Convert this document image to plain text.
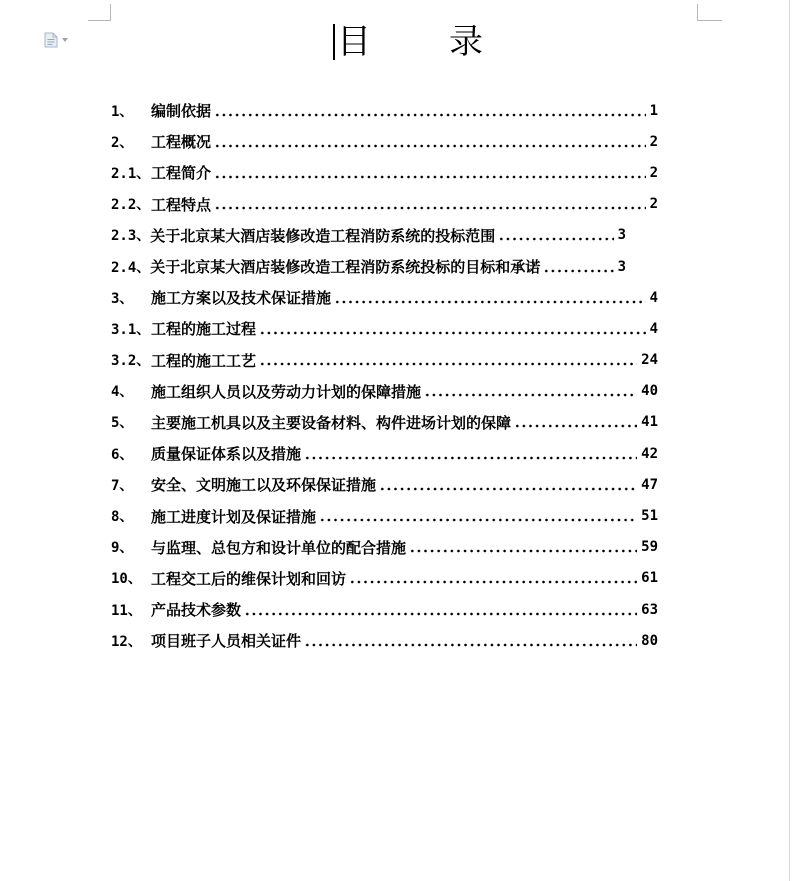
目 录
1、	编制依据	1
2、	工程概况	2
2.1、 工程简介	2
2.2、 工程特点	2
2.3、 关于北京某大酒店装修改造工程消防系统的投标范围	3
2.4、 关于北京某大酒店装修改造工程消防系统投标的目标和承诺	3
3、	施工方案以及技术保证措施	4
3.1、 工程的施工过程	4
3.2、 工程的施工工艺	24
4、	施工组织人员以及劳动力计划的保障措施	40
5、	主要施工机具以及主要设备材料、构件进场计划的保障	41
6、	质量保证体系以及措施	42
7、	安全、文明施工以及环保保证措施	47
8、	施工进度计划及保证措施	51
9、	与监理、总包方和设计单位的配合措施	59
10、 工程交工后的维保计划和回访	61
11、 产品技术参数	63
12、 项目班子人员相关证件	80
